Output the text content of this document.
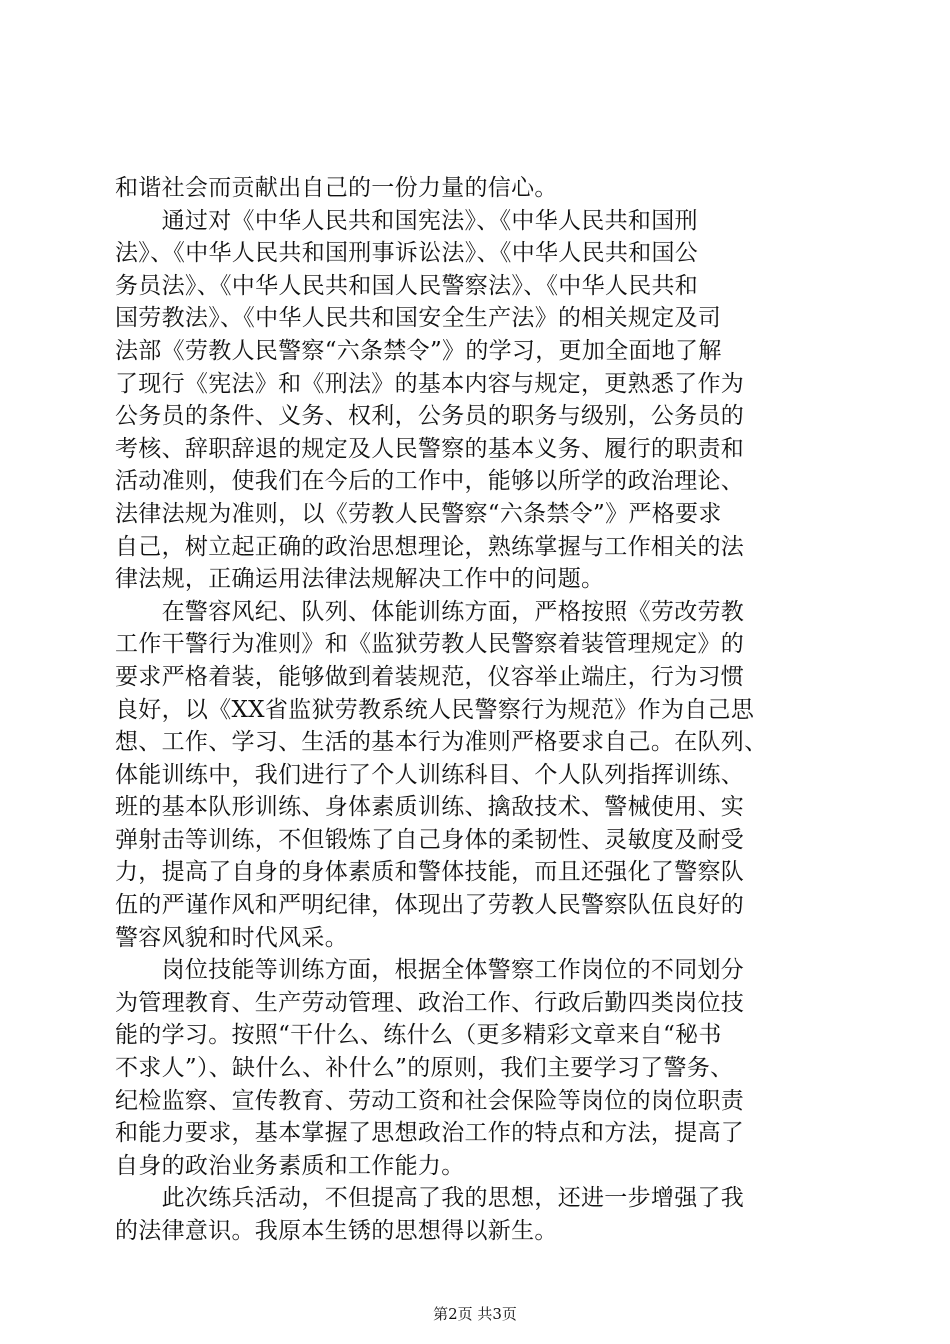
和谐社会而贡献出自己的一份力量的信心。
　　通过对《中华人民共和国宪法》、《中华人民共和国刑
法》、《中华人民共和国刑事诉讼法》、《中华人民共和国公
务员法》、《中华人民共和国人民警察法》、《中华人民共和
国劳教法》、《中华人民共和国安全生产法》的相关规定及司
法部《劳教人民警察“六条禁令”》的学习，更加全面地了解
了现行《宪法》和《刑法》的基本内容与规定，更熟悉了作为
公务员的条件、义务、权利，公务员的职务与级别，公务员的
考核、辞职辞退的规定及人民警察的基本义务、履行的职责和
活动准则，使我们在今后的工作中，能够以所学的政治理论、
法律法规为准则，以《劳教人民警察“六条禁令”》严格要求
自己，树立起正确的政治思想理论，熟练掌握与工作相关的法
律法规，正确运用法律法规解决工作中的问题。
　　在警容风纪、队列、体能训练方面，严格按照《劳改劳教
工作干警行为准则》和《监狱劳教人民警察着装管理规定》的
要求严格着装，能够做到着装规范，仪容举止端庄，行为习惯
良好，以《XX省监狱劳教系统人民警察行为规范》作为自己思
想、工作、学习、生活的基本行为准则严格要求自己。在队列、
体能训练中，我们进行了个人训练科目、个人队列指挥训练、
班的基本队形训练、身体素质训练、擒敌技术、警械使用、实
弹射击等训练，不但锻炼了自己身体的柔韧性、灵敏度及耐受
力，提高了自身的身体素质和警体技能，而且还强化了警察队
伍的严谨作风和严明纪律，体现出了劳教人民警察队伍良好的
警容风貌和时代风采。
　　岗位技能等训练方面，根据全体警察工作岗位的不同划分
为管理教育、生产劳动管理、政治工作、行政后勤四类岗位技
能的学习。按照“干什么、练什么（更多精彩文章来自“秘书
不求人”）、缺什么、补什么”的原则，我们主要学习了警务、
纪检监察、宣传教育、劳动工资和社会保险等岗位的岗位职责
和能力要求，基本掌握了思想政治工作的特点和方法，提高了
自身的政治业务素质和工作能力。
　　此次练兵活动，不但提高了我的思想，还进一步增强了我
的法律意识。我原本生锈的思想得以新生。
第2页 共3页
